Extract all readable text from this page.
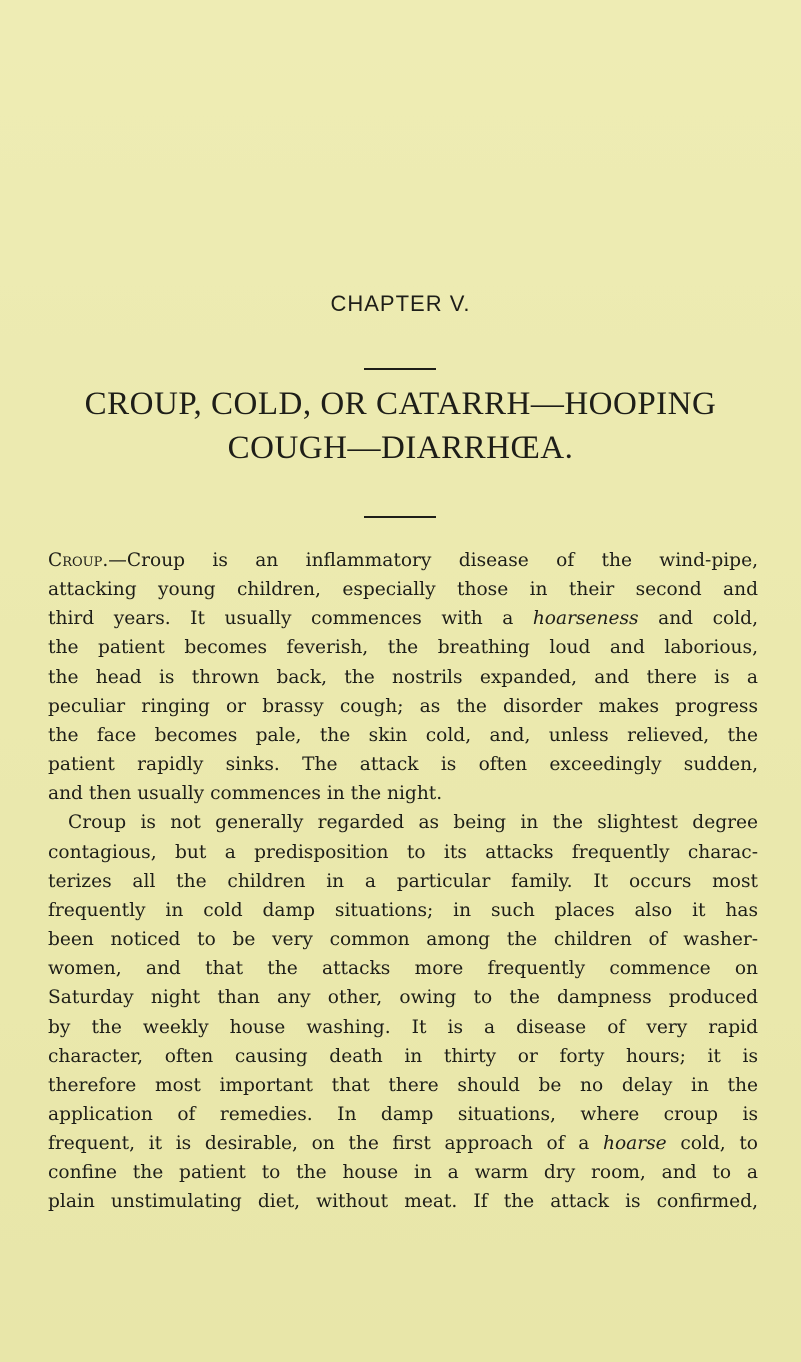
CHAPTER V.
CROUP, COLD, OR CATARRH—HOOPING
COUGH—DIARRHŒA.
Croup.—Croup is an inflammatory disease of the wind-pipe,
attacking young children, especially those in their second and
third years. It usually commences with a hoarseness and cold,
the patient becomes feverish, the breathing loud and laborious,
the head is thrown back, the nostrils expanded, and there is a
peculiar ringing or brassy cough; as the disorder makes progress
the face becomes pale, the skin cold, and, unless relieved, the
patient rapidly sinks. The attack is often exceedingly sudden,
and then usually commences in the night.
Croup is not generally regarded as being in the slightest degree
contagious, but a predisposition to its attacks frequently charac-
terizes all the children in a particular family. It occurs most
frequently in cold damp situations; in such places also it has
been noticed to be very common among the children of washer-
women, and that the attacks more frequently commence on
Saturday night than any other, owing to the dampness produced
by the weekly house washing. It is a disease of very rapid
character, often causing death in thirty or forty hours; it is
therefore most important that there should be no delay in the
application of remedies. In damp situations, where croup is
frequent, it is desirable, on the first approach of a hoarse cold, to
confine the patient to the house in a warm dry room, and to a
plain unstimulating diet, without meat. If the attack is confirmed,
